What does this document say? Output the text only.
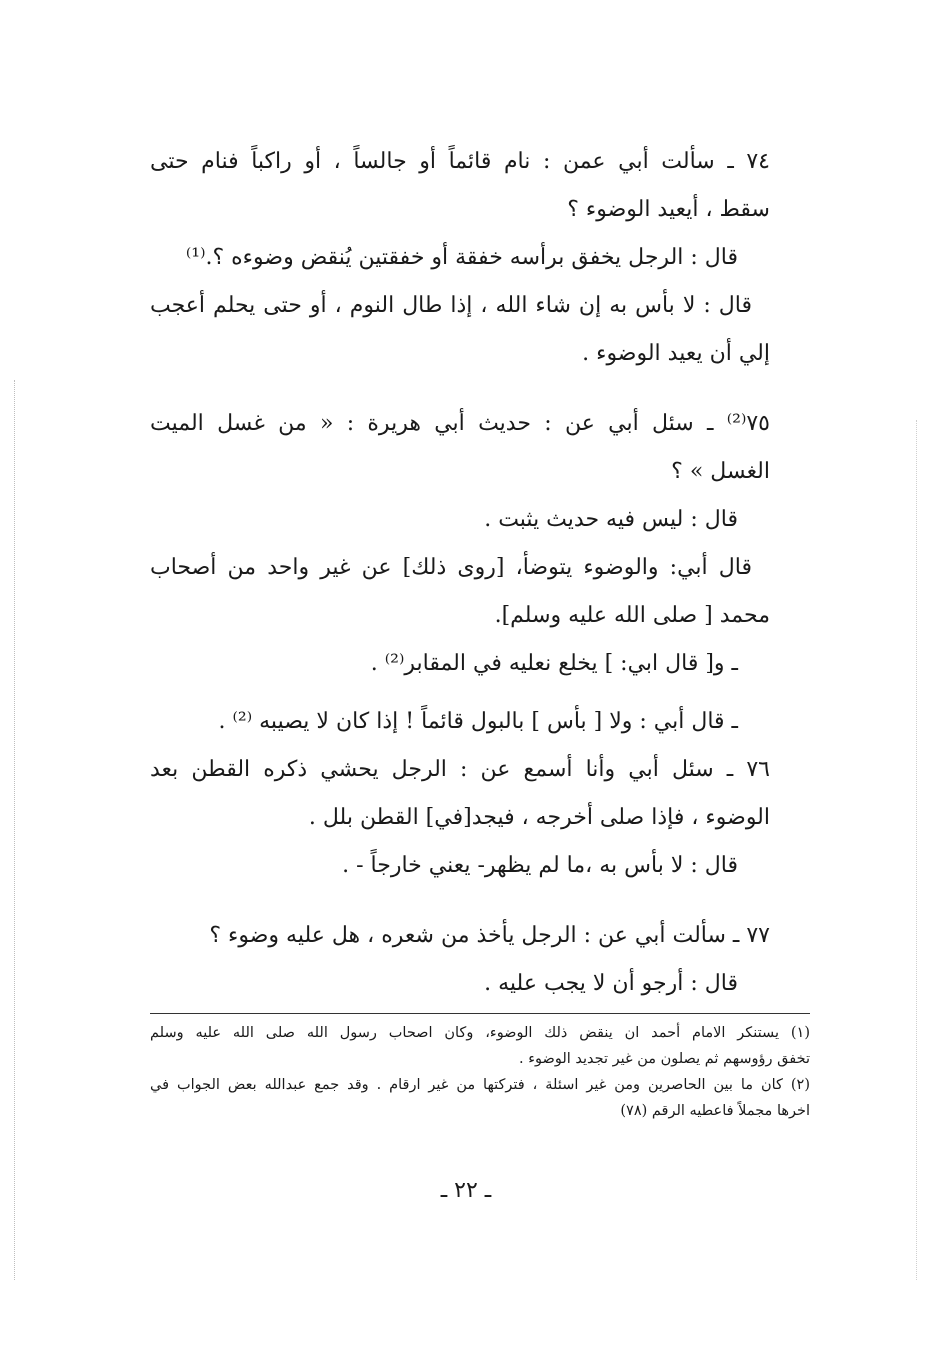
٧٤ ـ سألت أبي عمن : نام قائماً أو جالساً ، أو راكباً فنام حتى

سقط ، أيعيد الوضوء ؟

قال : الرجل يخفق برأسه خفقة أو خفقتين يُنقض وضوءه ؟.⁽¹⁾

قال : لا بأس به إن شاء الله ، إذا طال النوم ، أو حتى يحلم أعجب

إلي أن يعيد الوضوء .

٧٥⁽²⁾ ـ سئل أبي عن : حديث أبي هريرة : « من غسل الميت

الغسل » ؟

قال : ليس فيه حديث يثبت .

قال أبي: والوضوء يتوضأ، [روى ذلك] عن غير واحد من أصحاب

محمد [ صلى الله عليه وسلم].

ـ و[ قال ابي: ] يخلع نعليه في المقابر⁽²⁾ .

ـ قال أبي : ولا [ بأس ] بالبول قائماً ! إذا كان لا يصيبه ⁽²⁾ .

٧٦ ـ سئل أبي وأنا أسمع عن : الرجل يحشي ذكره القطن بعد

الوضوء ، فإذا صلى أخرجه ، فيجد[في] القطن بلل .

قال : لا بأس به ،ما لم يظهر- يعني خارجاً - .

٧٧ ـ سألت أبي عن : الرجل يأخذ من شعره ، هل عليه وضوء ؟

قال : أرجو أن لا يجب عليه .

(١) يستنكر الامام أحمد ان ينقض ذلك الوضوء، وكان اصحاب رسول الله صلى الله عليه وسلم

تخفق رؤوسهم ثم يصلون من غير تجديد الوضوء .

(٢) كان ما بين الحاصرين ومن غير اسئلة ، فتركتها من غير ارقام . وقد جمع عبدالله بعض الجواب في

اخرها مجملاً فاعطيه الرقم (٧٨)

ـ ٢٢ ـ
